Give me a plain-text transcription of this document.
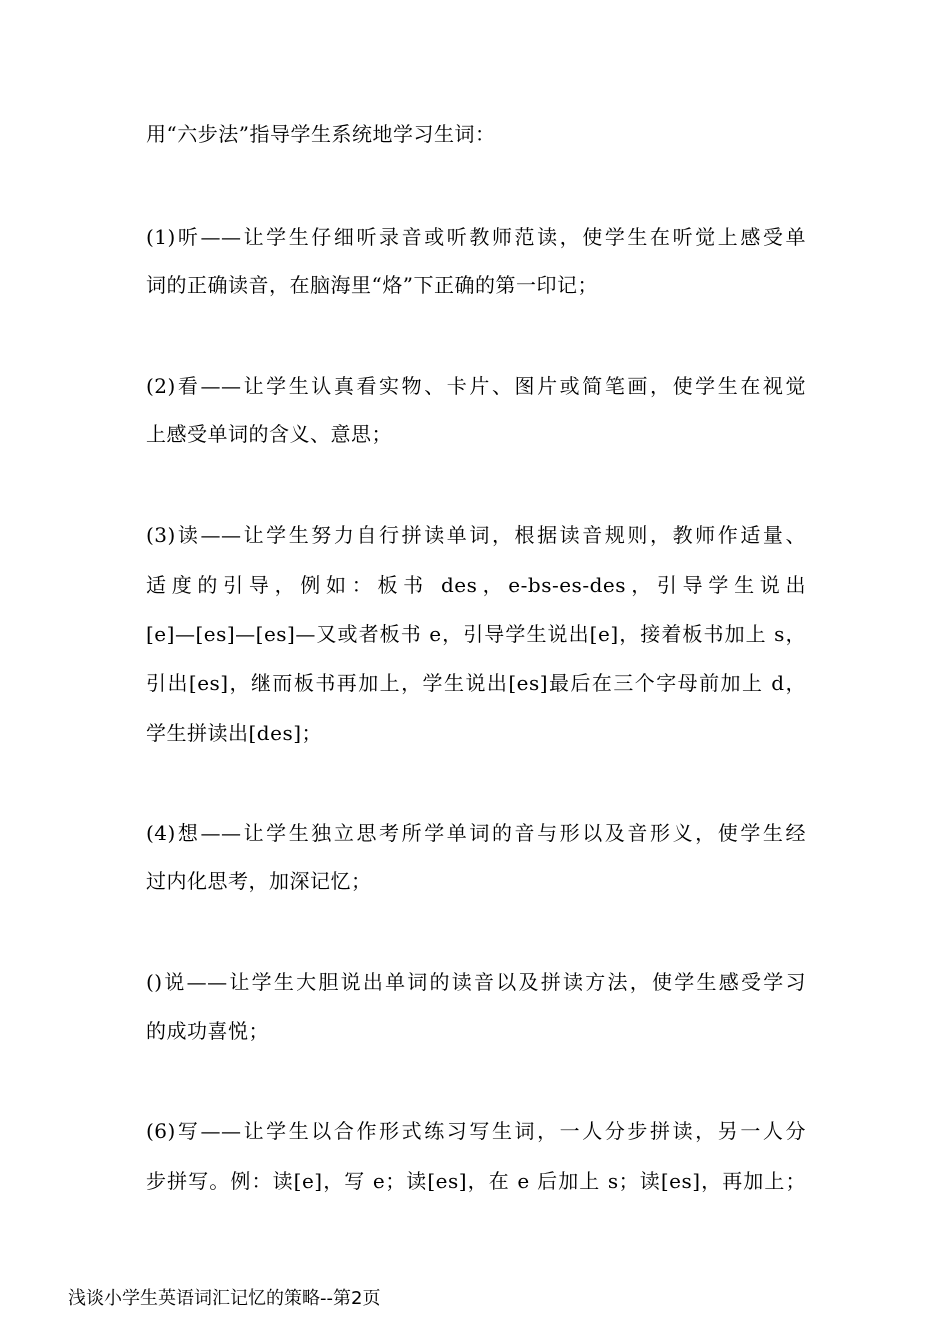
用“六步法”指导学生系统地学习生词：
(1)听——让学生仔细听录音或听教师范读，使学生在听觉上感受单
词的正确读音，在脑海里“烙”下正确的第一印记；
(2)看——让学生认真看实物、卡片、图片或简笔画，使学生在视觉
上感受单词的含义、意思；
(3)读——让学生努力自行拼读单词，根据读音规则，教师作适量、
适度的引导，例如：板书 des，e-bs-es-des，引导学生说出
[e]—[es]—[es]—又或者板书 e，引导学生说出[e]，接着板书加上 s，
引出[es]，继而板书再加上，学生说出[es]最后在三个字母前加上 d，
学生拼读出[des]；
(4)想——让学生独立思考所学单词的音与形以及音形义，使学生经
过内化思考，加深记忆；
()说——让学生大胆说出单词的读音以及拼读方法，使学生感受学习
的成功喜悦；
(6)写——让学生以合作形式练习写生词，一人分步拼读，另一人分
步拼写。例：读[e]，写 e；读[es]，在 e 后加上 s；读[es]，再加上；
浅谈小学生英语词汇记忆的策略--第2页
